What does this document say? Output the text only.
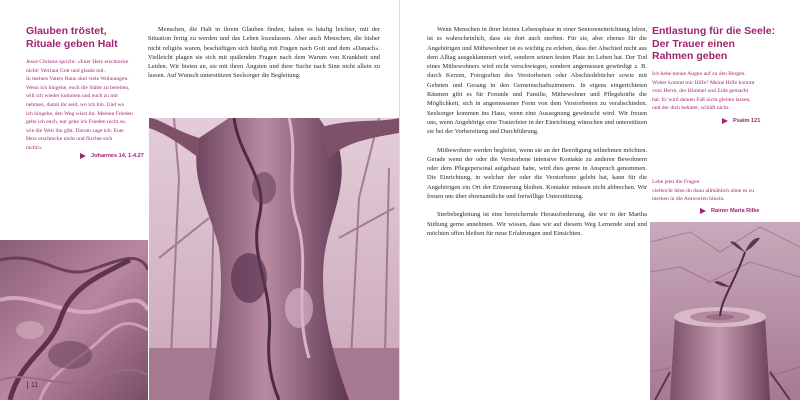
Glauben tröstet,
Rituale geben Halt
Jesus Christus spricht: »Euer Herz erschrecke
nicht! Vertraut Gott und glaubt mir.
In meines Vaters Haus sind viele Wohnungen.
Wenn ich hingehe, euch die Stätte zu bereiten,
will ich wieder kommen und euch zu mir
nehmen, damit ihr seid, wo ich bin. Und wo
ich hingehe, den Weg wisst ihr. Meinen Frieden
gebe ich euch, nur gebe ich Frieden nicht so,
wie die Welt ihn gibt. Darum sage ich: Euer
Herz erschrecke nicht und fürchte sich
nicht!«
Johannes 14, 1-4.27

Menschen, die Halt in ihrem Glauben finden, haben es häufig leichter, mit der Situation fertig zu werden und das Leben loszulassen. Aber auch Menschen, die bisher nicht religiös waren, beschäftigen sich häufig mit Fragen nach Gott und dem »Danach«. Vielleicht plagen sie sich mit quälenden Fragen nach dem Warum von Krankheit und Leiden. Wir bieten an, sie mit ihren Ängsten und ihrer Suche nach Sinn nicht allein zu lassen. Auf Wunsch unterstützen Seelsorger die Begleitung.

11

Wenn Menschen in ihrer letzten Lebensphase in einer Senioreneinrichtung leben, ist es wahrscheinlich, dass sie dort auch sterben. Für sie, aber ebenso für die Angehörigen und Mitbewohner ist es wichtig zu erleben, dass der Abschied nicht aus dem Alltag ausgeklammert wird, sondern seinen festen Platz im Leben hat. Der Tod eines Mitbewohners wird nicht verschwiegen, sondern angemessen gewürdigt z. B. durch Kerzen, Fotografien des Verstorbenen oder Abschiedsbücher sowie mit Gebeten und Gesang in den Gemeinschaftszimmern. In eigens eingerichteten Räumen gibt es für Freunde und Familie, Mitbewohner und Pflegekräfte die Möglichkeit, sich in angemessener Form von dem Verstorbenen zu verabschieden. Seelsorger kommen ins Haus, wenn eine Aussegnung gewünscht wird. Wir freuen uns, wenn Angehörige eine Trauerfeier in der Einrichtung wünschen und unterstützen sie bei der Vorbereitung und Durchführung.

Mitbewohner werden begleitet, wenn sie an der Beerdigung teilnehmen möchten. Gerade wenn der oder die Verstorbene intensive Kontakte zu anderen Bewohnern oder dem Pflegepersonal aufgebaut hatte, wird dies gerne in Anspruch genommen. Die Einrichtung, in welcher der oder die Verstorbene gelebt hat, kann für die Angehörigen ein Ort der Erinnerung bleiben. Kontakte müssen nicht abbrechen. Wir freuen uns über ehrenamtliche und freiwillige Unterstützung.

Sterbebegleitung ist eine bereichernde Herausforderung, die wir in der Martha Stiftung gerne annehmen. Wir wissen, dass wir auf diesem Weg Lernende sind und möchten offen bleiben für neue Erfahrungen und Einsichten.

Entlastung für die Seele:
Der Trauer einen
Rahmen geben
Ich hebe meine Augen auf zu den Bergen.
Woher kommt mir Hilfe? Meine Hilfe kommt
vom Herrn, der Himmel und Erde gemacht
hat. Er wird deinen Fuß nicht gleiten lassen,
und der dich behütet, schläft nicht.
Psalm 121
Lebe jetzt die Fragen
vielleicht lebst du dann allmählich ohne es zu
merken in die Antworten hinein.
Rainer Maria Rilke
